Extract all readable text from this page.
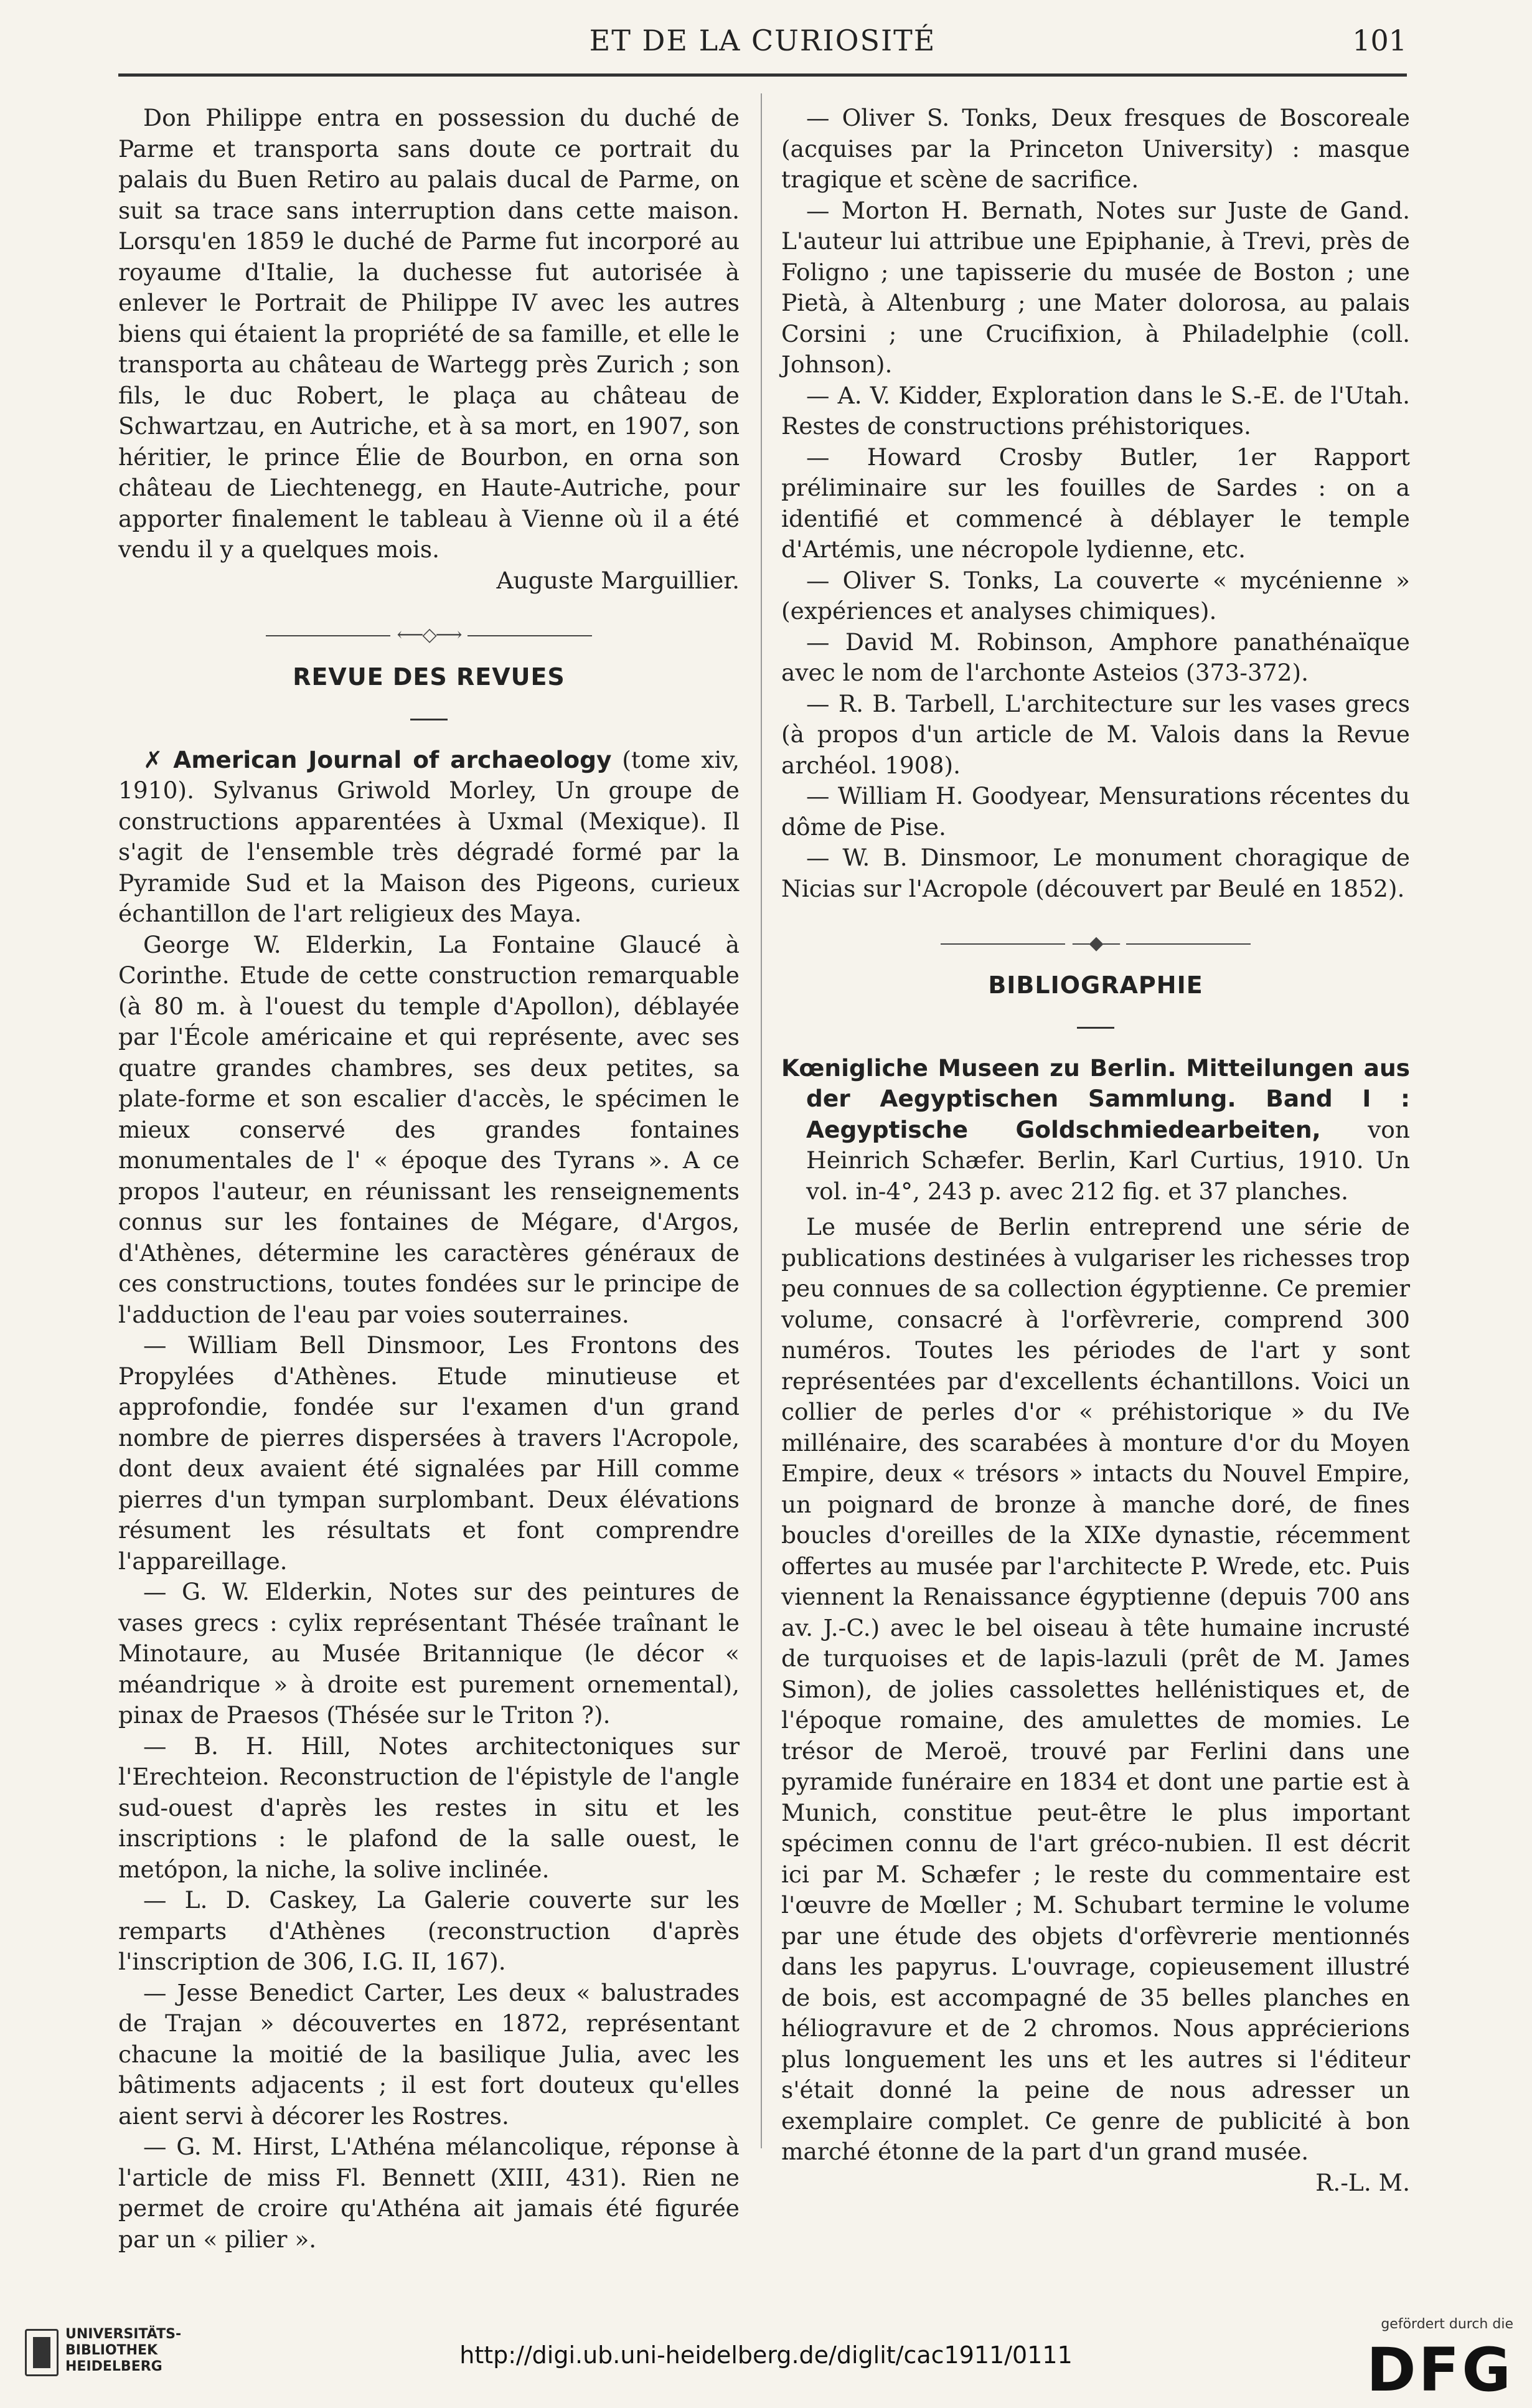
ET DE LA CURIOSITÉ	101

Don Philippe entra en possession du duché de Parme et transporta sans doute ce portrait du palais du Buen Retiro au palais ducal de Parme, on suit sa trace sans interruption dans cette maison. Lorsqu'en 1859 le duché de Parme fut incorporé au royaume d'Italie, la duchesse fut autorisée à enlever le Portrait de Philippe IV avec les autres biens qui étaient la propriété de sa famille, et elle le transporta au château de Wartegg près Zurich ; son fils, le duc Robert, le plaça au château de Schwartzau, en Autriche, et à sa mort, en 1907, son héritier, le prince Élie de Bourbon, en orna son château de Liechtenegg, en Haute-Autriche, pour apporter finalement le tableau à Vienne où il a été vendu il y a quelques mois.

Auguste Marguillier.

⟵◇⟶
REVUE DES REVUES

✗ American Journal of archaeology (tome xiv, 1910). Sylvanus Griwold Morley, Un groupe de constructions apparentées à Uxmal (Mexique). Il s'agit de l'ensemble très dégradé formé par la Pyramide Sud et la Maison des Pigeons, curieux échantillon de l'art religieux des Maya.

George W. Elderkin, La Fontaine Glaucé à Corinthe. Etude de cette construction remarquable (à 80 m. à l'ouest du temple d'Apollon), déblayée par l'École américaine et qui représente, avec ses quatre grandes chambres, ses deux petites, sa plate-forme et son escalier d'accès, le spécimen le mieux conservé des grandes fontaines monumentales de l' « époque des Tyrans ». A ce propos l'auteur, en réunissant les renseignements connus sur les fontaines de Mégare, d'Argos, d'Athènes, détermine les caractères généraux de ces constructions, toutes fondées sur le principe de l'adduction de l'eau par voies souterraines.

— William Bell Dinsmoor, Les Frontons des Propylées d'Athènes. Etude minutieuse et approfondie, fondée sur l'examen d'un grand nombre de pierres dispersées à travers l'Acropole, dont deux avaient été signalées par Hill comme pierres d'un tympan surplombant. Deux élévations résument les résultats et font comprendre l'appareillage.

— G. W. Elderkin, Notes sur des peintures de vases grecs : cylix représentant Thésée traînant le Minotaure, au Musée Britannique (le décor « méandrique » à droite est purement ornemental), pinax de Praesos (Thésée sur le Triton ?).

— B. H. Hill, Notes architectoniques sur l'Erechteion. Reconstruction de l'épistyle de l'angle sud-ouest d'après les restes in situ et les inscriptions : le plafond de la salle ouest, le metópon, la niche, la solive inclinée.

— L. D. Caskey, La Galerie couverte sur les remparts d'Athènes (reconstruction d'après l'inscription de 306, I.G. II, 167).

— Jesse Benedict Carter, Les deux « balustrades de Trajan » découvertes en 1872, représentant chacune la moitié de la basilique Julia, avec les bâtiments adjacents ; il est fort douteux qu'elles aient servi à décorer les Rostres.

— G. M. Hirst, L'Athéna mélancolique, réponse à l'article de miss Fl. Bennett (XIII, 431). Rien ne permet de croire qu'Athéna ait jamais été figurée par un « pilier ».

— Oliver S. Tonks, Deux fresques de Boscoreale (acquises par la Princeton University) : masque tragique et scène de sacrifice.

— Morton H. Bernath, Notes sur Juste de Gand. L'auteur lui attribue une Epiphanie, à Trevi, près de Foligno ; une tapisserie du musée de Boston ; une Pietà, à Altenburg ; une Mater dolorosa, au palais Corsini ; une Crucifixion, à Philadelphie (coll. Johnson).

— A. V. Kidder, Exploration dans le S.-E. de l'Utah. Restes de constructions préhistoriques.

— Howard Crosby Butler, 1er Rapport préliminaire sur les fouilles de Sardes : on a identifié et commencé à déblayer le temple d'Artémis, une nécropole lydienne, etc.

— Oliver S. Tonks, La couverte « mycénienne » (expériences et analyses chimiques).

— David M. Robinson, Amphore panathénaïque avec le nom de l'archonte Asteios (373-372).

— R. B. Tarbell, L'architecture sur les vases grecs (à propos d'un article de M. Valois dans la Revue archéol. 1908).

— William H. Goodyear, Mensurations récentes du dôme de Pise.

— W. B. Dinsmoor, Le monument choragique de Nicias sur l'Acropole (découvert par Beulé en 1852).

—◆—
BIBLIOGRAPHIE

Kœnigliche Museen zu Berlin. Mitteilungen aus der Aegyptischen Sammlung. Band I : Aegyptische Goldschmiedearbeiten, von Heinrich Schæfer. Berlin, Karl Curtius, 1910. Un vol. in-4°, 243 p. avec 212 fig. et 37 planches.

Le musée de Berlin entreprend une série de publications destinées à vulgariser les richesses trop peu connues de sa collection égyptienne. Ce premier volume, consacré à l'orfèvrerie, comprend 300 numéros. Toutes les périodes de l'art y sont représentées par d'excellents échantillons. Voici un collier de perles d'or « préhistorique » du IVe millénaire, des scarabées à monture d'or du Moyen Empire, deux « trésors » intacts du Nouvel Empire, un poignard de bronze à manche doré, de fines boucles d'oreilles de la XIXe dynastie, récemment offertes au musée par l'architecte P. Wrede, etc. Puis viennent la Renaissance égyptienne (depuis 700 ans av. J.-C.) avec le bel oiseau à tête humaine incrusté de turquoises et de lapis-lazuli (prêt de M. James Simon), de jolies cassolettes hellénistiques et, de l'époque romaine, des amulettes de momies. Le trésor de Meroë, trouvé par Ferlini dans une pyramide funéraire en 1834 et dont une partie est à Munich, constitue peut-être le plus important spécimen connu de l'art gréco-nubien. Il est décrit ici par M. Schæfer ; le reste du commentaire est l'œuvre de Mœller ; M. Schubart termine le volume par une étude des objets d'orfèvrerie mentionnés dans les papyrus. L'ouvrage, copieusement illustré de bois, est accompagné de 35 belles planches en héliogravure et de 2 chromos. Nous apprécierions plus longuement les uns et les autres si l'éditeur s'était donné la peine de nous adresser un exemplaire complet. Ce genre de publicité à bon marché étonne de la part d'un grand musée.

R.-L. M.

UNIVERSITÄTS-
BIBLIOTHEK
HEIDELBERG	http://digi.ub.uni-heidelberg.de/diglit/cac1911/0111
gefördert durch die
DFG
